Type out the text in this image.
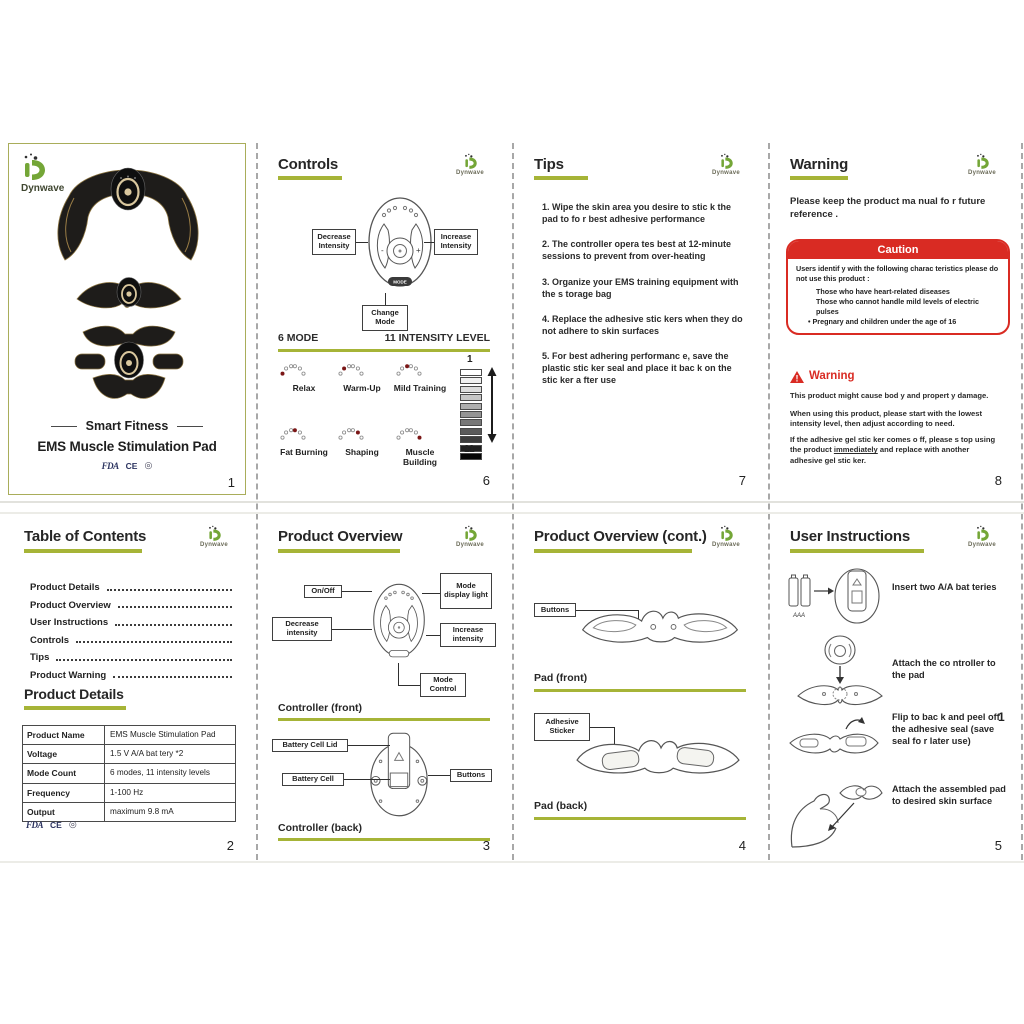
Dynwave
Smart Fitness
EMS Muscle Stimulation Pad
FDA CE ◎
1
Controls	Dynwave
-	+
MODE
Decrease Intensity
Increase Intensity
Change Mode
6 MODE	11 INTENSITY LEVEL
Relax	Warm-Up	Mild Training
Fat Burning	Shaping	Muscle Building
1
11
6
Tips	Dynwave

1. Wipe the skin area you desire to stic k the pad to fo r best adhesive performance

2. The controller opera tes best at 12-minute sessions to prevent from over-heating

3. Organize your EMS training equipment with the s torage bag

4. Replace the adhesive stic kers when they do not adhere to skin surfaces

5. For best adhering performanc e, save the plastic stic ker seal and place it bac k on the stic ker a fter use

7
Warning	Dynwave

Please keep the product ma nual fo r future reference .

Caution
Users identif y with the following charac teristics please do not use this product :
Those who have heart-related diseases
Those who cannot handle mild levels of electric pulses
• Pregnary and children under the age of 16
! Warning

This product might cause bod y and propert y damage.

When using this product, please start with the lowest intensity level, then adjust according to need.

If the adhesive gel stic ker comes o ff, please s top using the product immediately and replace with another adhesive gel stic ker.

8
Table of Contents	Dynwave
Product Details
Product Overview
User Instructions
Controls
Tips
Product Warning
Product Details
Product Name	EMS Muscle Stimulation Pad
Voltage	1.5 V A/A bat tery *2
Mode Count	6 modes, 11 intensity levels
Frequency	1-100 Hz
Output	maximum 9.8 mA
FDA CE ◎
2
Product Overview	Dynwave
On/Off
Mode display light
Decrease intensity	Increase intensity
Mode Control
Controller (front)
Battery Cell Lid
Battery Cell	Buttons
Controller (back)
3
Product Overview (cont.) Dynwave
Buttons
Pad (front)
Adhesive Sticker
Pad (back)
4
User Instructions	Dynwave
AAA
Insert two A/A bat teries
Attach the co ntroller to the pad
Flip to bac k and peel off the adhesive seal (save seal fo r later use)
1
Attach the assembled pad to desired skin surface
5
